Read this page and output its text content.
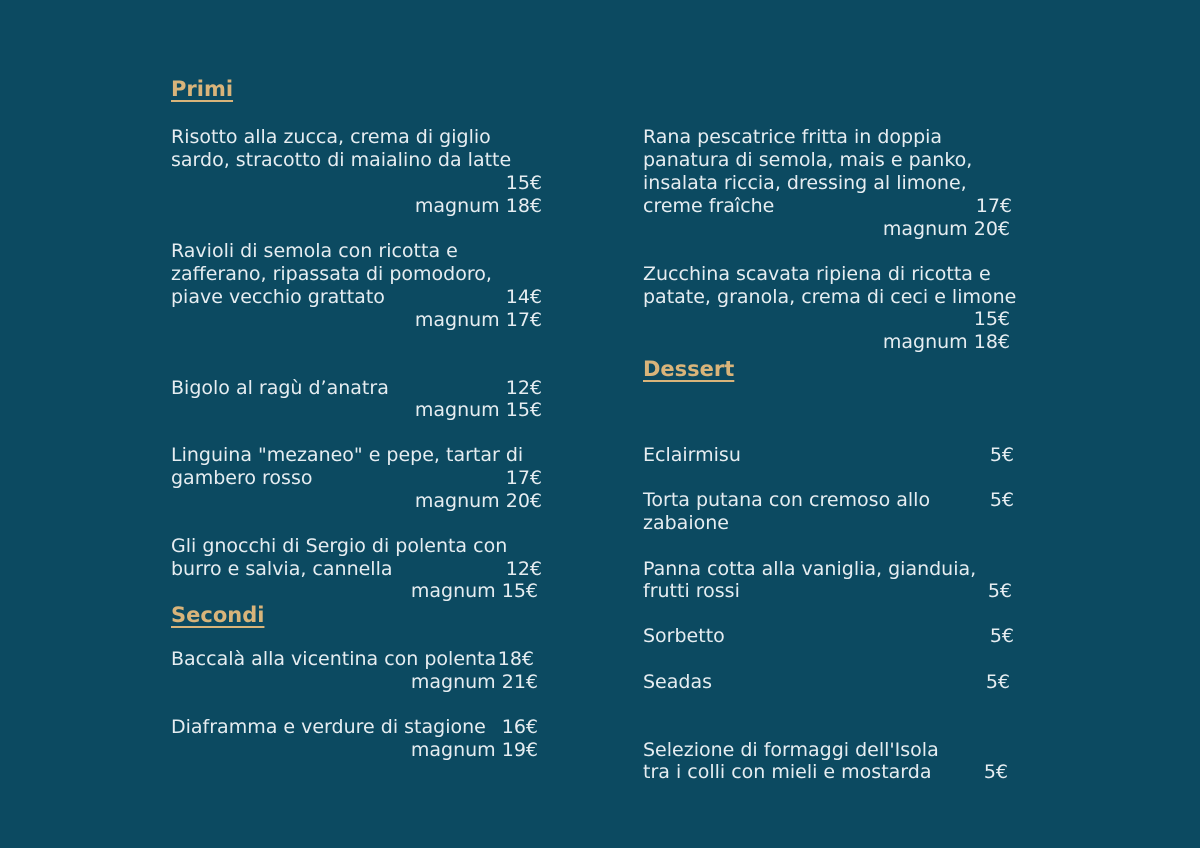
Primi
Risotto alla zucca, crema di giglio
sardo, stracotto di maialino da latte
15€
magnum 18€
Ravioli di semola con ricotta e
zafferano, ripassata di pomodoro,
piave vecchio grattato	14€
magnum 17€
Bigolo al ragù d’anatra	12€
magnum 15€
Linguina "mezaneo" e pepe, tartar di
gambero rosso	17€
magnum 20€
Gli gnocchi di Sergio di polenta con
burro e salvia, cannella	12€
magnum 15€
Secondi
Baccalà alla vicentina con polenta 18€
magnum 21€
Diaframma e verdure di stagione 16€
magnum 19€
Rana pescatrice fritta in doppia
panatura di semola, mais e panko,
insalata riccia, dressing al limone,
creme fraîche	17€
magnum 20€
Zucchina scavata ripiena di ricotta e
patate, granola, crema di ceci e limone
15€
magnum 18€
Dessert
Eclairmisu	5€
Torta putana con cremoso allo
zabaione
5€
Panna cotta alla vaniglia, gianduia,
frutti rossi	5€
Sorbetto	5€
Seadas	5€
Selezione di formaggi dell'Isola
tra i colli con mieli e mostarda	5€
